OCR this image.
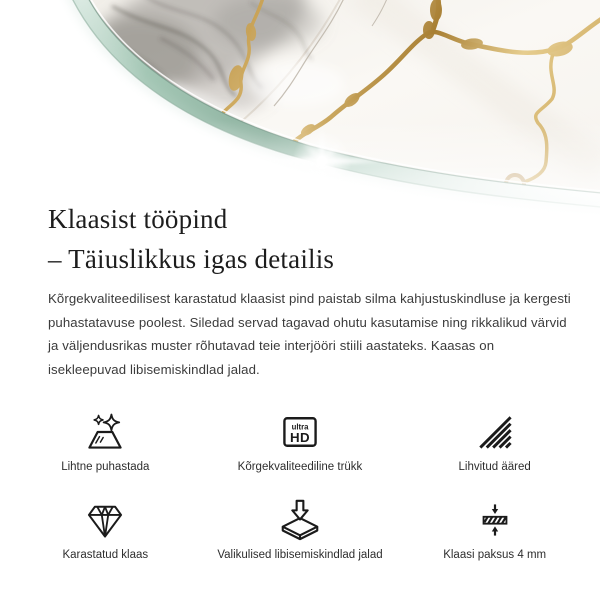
Klaasist tööpind
– Täiuslikkus igas detailis

Kõrgekvaliteedilisest karastatud klaasist pind paistab silma kahjustuskindluse ja kergesti puhastatavuse poolest. Siledad servad tagavad ohutu kasutamise ning rikkalikud värvid ja väljendusrikas muster rõhutavad teie interjööri stiili aastateks. Kaasas on isekleepuvad libisemiskindlad jalad.

Lihtne puhastada
ultra
HD
Kõrgekvaliteediline trükk	Lihvitud ääred
Karastatud klaas	Valikulised libisemiskindlad jalad	Klaasi paksus 4 mm
